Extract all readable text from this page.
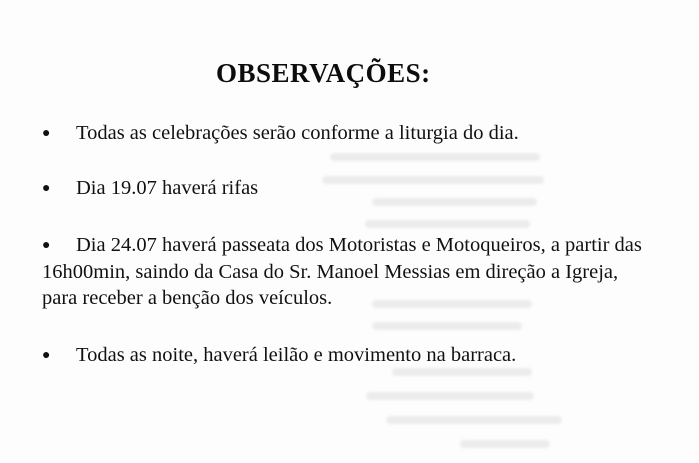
OBSERVAÇÕES:
● Todas as celebrações serão conforme a liturgia do dia.
● Dia 19.07 haverá rifas
● Dia 24.07 haverá passeata dos Motoristas e Motoqueiros, a partir das 16h00min, saindo da Casa do Sr. Manoel Messias em direção a Igreja, para receber a benção dos veículos.
● Todas as noite, haverá leilão e movimento na barraca.
